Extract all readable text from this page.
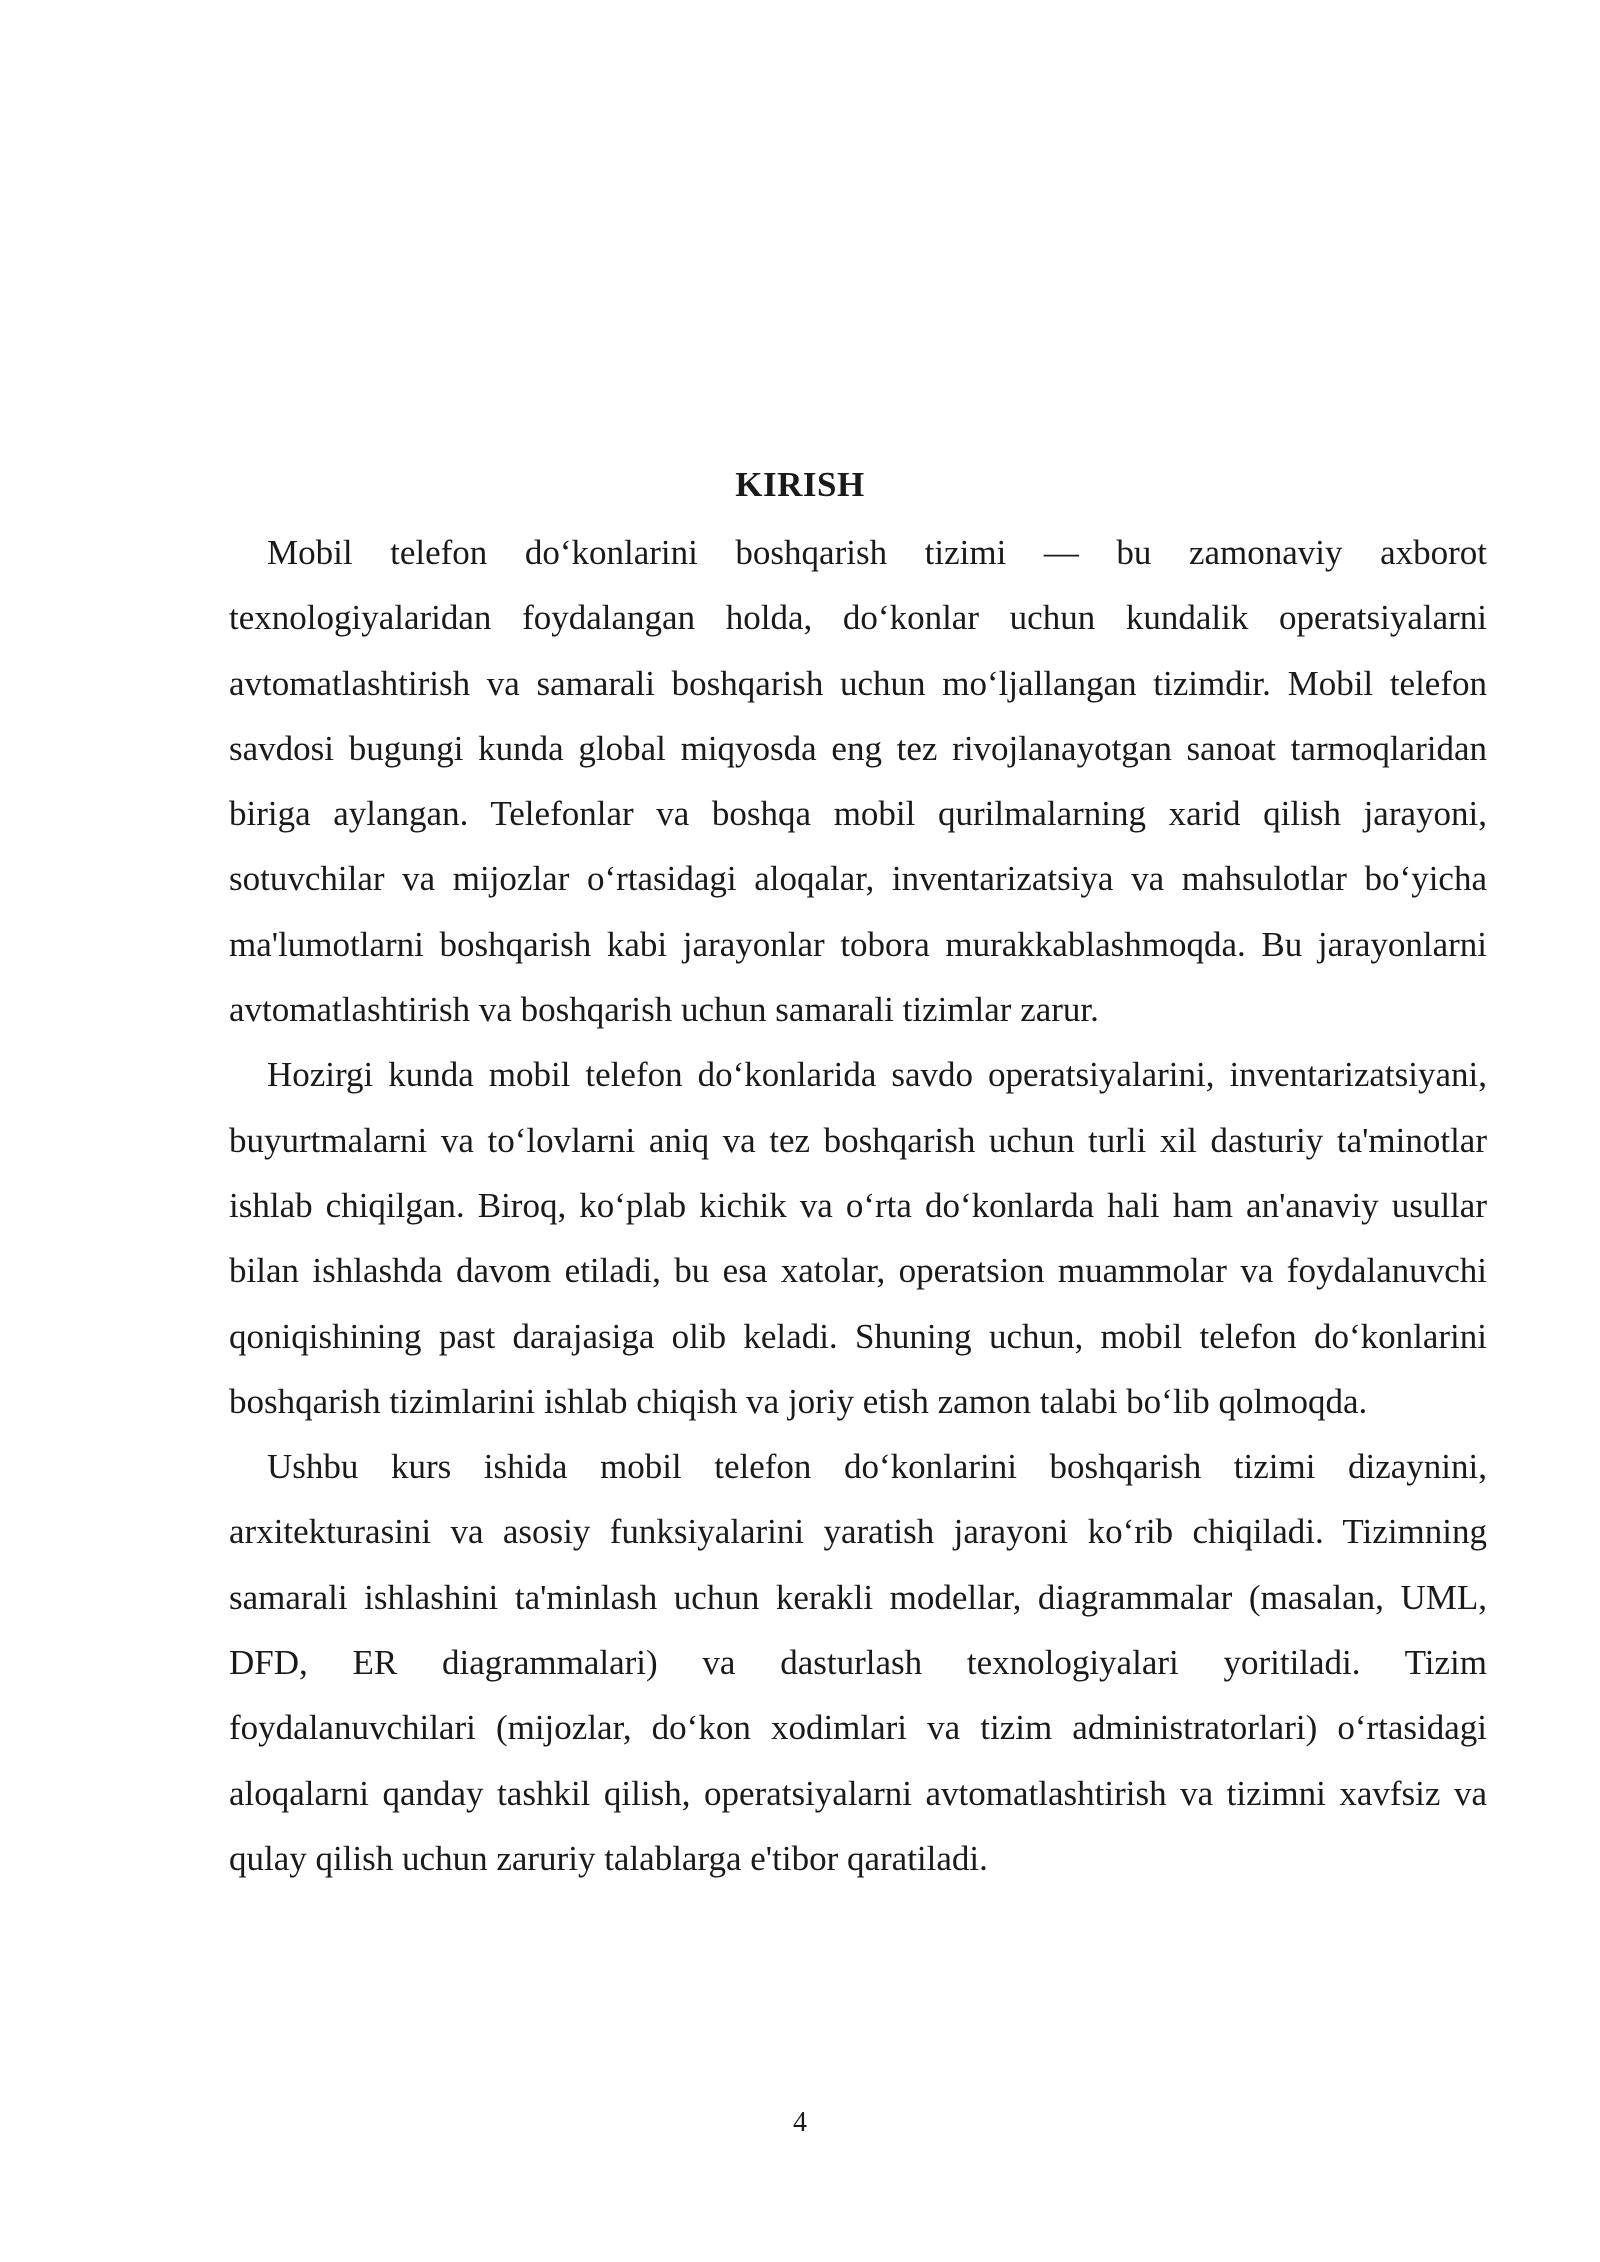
KIRISH

Mobil telefon do‘konlarini boshqarish tizimi — bu zamonaviy axborot texnologiyalaridan foydalangan holda, do‘konlar uchun kundalik operatsiyalarni avtomatlashtirish va samarali boshqarish uchun mo‘ljallangan tizimdir. Mobil telefon savdosi bugungi kunda global miqyosda eng tez rivojlanayotgan sanoat tarmoqlaridan biriga aylangan. Telefonlar va boshqa mobil qurilmalarning xarid qilish jarayoni, sotuvchilar va mijozlar o‘rtasidagi aloqalar, inventarizatsiya va mahsulotlar bo‘yicha ma'lumotlarni boshqarish kabi jarayonlar tobora murakkablashmoqda. Bu jarayonlarni avtomatlashtirish va boshqarish uchun samarali tizimlar zarur.

Hozirgi kunda mobil telefon do‘konlarida savdo operatsiyalarini, inventarizatsiyani, buyurtmalarni va to‘lovlarni aniq va tez boshqarish uchun turli xil dasturiy ta'minotlar ishlab chiqilgan. Biroq, ko‘plab kichik va o‘rta do‘konlarda hali ham an'anaviy usullar bilan ishlashda davom etiladi, bu esa xatolar, operatsion muammolar va foydalanuvchi qoniqishining past darajasiga olib keladi. Shuning uchun, mobil telefon do‘konlarini boshqarish tizimlarini ishlab chiqish va joriy etish zamon talabi bo‘lib qolmoqda.

Ushbu kurs ishida mobil telefon do‘konlarini boshqarish tizimi dizaynini, arxitekturasini va asosiy funksiyalarini yaratish jarayoni ko‘rib chiqiladi. Tizimning samarali ishlashini ta'minlash uchun kerakli modellar, diagrammalar (masalan, UML, DFD, ER diagrammalari) va dasturlash texnologiyalari yoritiladi. Tizim foydalanuvchilari (mijozlar, do‘kon xodimlari va tizim administratorlari) o‘rtasidagi aloqalarni qanday tashkil qilish, operatsiyalarni avtomatlashtirish va tizimni xavfsiz va qulay qilish uchun zaruriy talablarga e'tibor qaratiladi.

4
